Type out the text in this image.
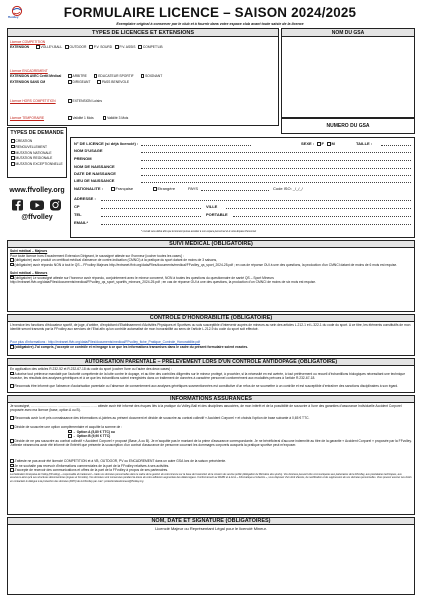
ffvolley	FORMULAIRE LICENCE – SAISON 2024/2025
Exemplaire original à conserver par le club et à fournir dans votre espace club avant toute saisie de la licence
TYPES DE LICENCES ET EXTENSIONS
Licence COMPETITION
EXTENSION	VOLLEY-BALL OUTDOOR P.V. SOURD P.V. ASSIS COMPET'LIB
Licence ENCADREMENT
EXTENSION AVEC Certif.Médical	ARBITRE	EDUCATEUR SPORTIF	SOIGNANT
EXTENSION SANS CM	DIRIGEANT	PASS BENEVOLE
Licence HORS COMPETITION	EXTENSION Loisirs
Licence TEMPORAIRE	Validité 1 Mois	Validité 3 Mois
NOM DU GSA
NUMERO DU GSA
TYPES DE DEMANDE
CREATION
RENOUVELLEMENT
MUTATION NATIONALE
MUTATION REGIONALE
MUTATION EXCEPTIONNELLE
www.ffvolley.org
@ffvolley
N° DE LICENCE (si déjà licencié) :	SEXE :	F	M	TAILLE :
NOM D'USAGE
PRENOM
NOM DE NAISSANCE
DATE DE NAISSANCE
LIEU DE NAISSANCE
NATIONALITE :	Française	Etrangère	PAYS	Code ISO: _/_/_/
ADRESSE :
CP	VILLE
TEL	PORTABLE
EMAIL*
* L'email sera utilisé afin que le licencié puisse accéder à son espace personnel et à votre Espace Personnel
SUIVI MEDICAL (OBLIGATOIRE)
Suivi médical – Majeurs
Pour toute licence hors Encadrement Extension Dirigeant, le soussigné atteste sur l'honneur [cocher toutes les cases] :
(obligatoire) avoir produit un certificat médical d'absence de contre-indication (CMNCI) à la pratique du sport datant de moins de 3 saisons,
(obligatoire) avoir répondu NON à tout le QS – FFvolley Majeurs http://extranet.ffvb.org/data/Files/documents/medical/FFvolley_qs_sport_2024-25.pdf ; en cas de réponse OUI à une des questions, la production d'un CMNCI datant de moins de 6 mois est requise.
Suivi médical – Mineurs
(obligatoire) Le soussigné atteste sur l'honneur avoir répondu, conjointement avec le mineur concerné, NON à toutes les questions du questionnaire de santé QS – Sport Mineurs http://extranet.ffvb.org/data/Files/documents/medical/FFvolley_qs_sport_sportifs_mineurs_2024-25.pdf ; en cas de réponse OUI à une des questions, la production d'un CMNCI de moins de six mois est requise.
CONTROLE D'HONORABILITE (OBLIGATOIRE)
L'exercice les fonctions d'éducateur sportif, de juge, d'arbitre, d'exploitant d'Etablissement d'Activités Physiques et Sportives ou suis susceptible d'intervenir auprès de mineurs au sein des articles L.212-1 et L.322-1 du code du sport. A ce titre, les éléments constitutifs de mon identité seront transmis par la FFvolley aux services de l'Etat afin qu'un contrôle automatisé de mon honorabilité au sens de l'article L.212-9 du code du sport soit effectué.
Pour plus d'informations : http://extranet.ffvb.org/data/Files/documents/medical/FFvolley_fiche_Pratique_Controle_Honorabilite.pdf
(obligatoire) J'ai compris, j'accepte ce contrôle et m'engage à ce que les informations transmises dans le cadre du présent formulaire soient exactes.
AUTORISATION PARENTALE – PRELEVEMENT LORS D'UN CONTROLE ANTIDOPAGE (OBLIGATOIRE)
En application des articles R.232-52 et R.232-67-18 du code du sport (cocher l'une ou l'autre des deux cases) :
Autorise tout préleveur mandaté par l'autorité compétente de la lutte contre le dopage, et au titre des contrôles diligentés sur le mineur protégé, à procéder, si la nécessité en est avérée, à tout prélèvement ou recueil d'échantillons biologiques nécessitant une technique invasive, les résultats des analyses génétiques et à ce que les échantillons soient enregistrés dans un traitement de données à caractère personnel conformément aux modalités prévues à l'article R.232-67-18.
Reconnais être informé que l'absence d'autorisation parentale ou l'absence de consentement aux analyses génétiques susmentionnées est constitutive d'un refus de se soumettre à un contrôle et est susceptible d'entraîner des sanctions disciplinaires à son égard.
INFORMATIONS ASSURANCES
Je soussigné, …………………………………………………… atteste avoir été informé des risques liés à la pratique du Volley-Ball et des disciplines associées, de mon intérêt et de la possibilité de souscrire à l'une des garanties d'assurance Individuelle Accident Corporel proposée avec ma licence (base, option A ou B).
Reconnais avoir lu et pris connaissance des informations ci-jointes au présent document et décide de souscrire au contrat collectif « Accident Corporel » et choisis l'option de base suivante à 0,65 € TTC.
Décide de souscrire une option complémentaire et acquitte la somme de :
→ Option A (5,80 € TTC) ou
→ Option B (9,90 € TTC)
Décide de ne pas souscrire au contrat collectif « Accident Corporel » proposé (Base, A ou B). Je m'acquitte pas le montant de la prime d'assurance correspondante. Je ne bénéficierai d'aucune indemnité au titre de la garantie « Accident Corporel » proposée par la FFvolley. J'atteste néanmoins avoir été informé de l'intérêt que présente la souscription d'un contrat d'assurance de personne couvrant les dommages corporels auxquels la pratique sportive peut m'exposer.
J'atteste ne pas avoir été licencié COMPETITION et à VB, OUTDOOR, PV ou ENCADREMENT dans un autre GSA lors de la saison précédente.
Je ne souhaite pas recevoir d'informations commerciales de la part de la FFvolley relatives à ses activités.
J'accepte de recevoir des communications et offres de la part de la FFvolley à propos de ses partenaires.
La Fédération Française de Volley (FFvolley) – responsable du traitement – traite vos données personnelles dans le cadre de la gestion de votre licence sur la base de l'exécution de la mission de service public (délégation du Ministère des sports). Vos données peuvent être communiquées aux partenaires de la FFvolley, aux prestataires techniques, aux assureurs ainsi qu'à ses structures déconcentrées (Ligues et Comités). Vos données sont conservées pendant la durée de votre adhésion augmentée des délais légaux. Conformément au RGPD et à la loi « Informatique et Libertés », vous disposez d'un droit d'accès, de rectification et de suppression de vos données personnelles. Vous pouvez exercer ces droits en contactant le délégué à la protection des données (DPO) de la FFvolley par mail : protectiondesdonnees@ffvolley.org
NOM, DATE ET SIGNATURE (OBLIGATOIRES)
Licencié Majeur ou Représentant Légal pour le licencié Mineur.
